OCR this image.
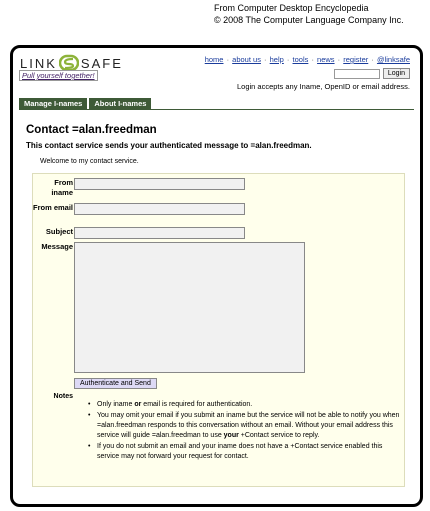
From Computer Desktop Encyclopedia
© 2008 The Computer Language Company Inc.
LINK SAFE
Pull yourself together!
home · about us · help · tools · news · register · @linksafe
Login
Login accepts any Iname, OpenID or email address.
Manage I-names	About I-names
Contact =alan.freedman
This contact service sends your authenticated message to =alan.freedman.
Welcome to my contact service.
From iname
From email
Subject
Message
Authenticate and Send
Notes
• Only iname or email is required for authentication.
• You may omit your email if you submit an iname but the service will not be able to notify you when =alan.freedman responds to this conversation without an email. Without your email address this service will guide =alan.freedman to use your +Contact service to reply.
• If you do not submit an email and your iname does not have a +Contact service enabled this service may not forward your request for contact.
